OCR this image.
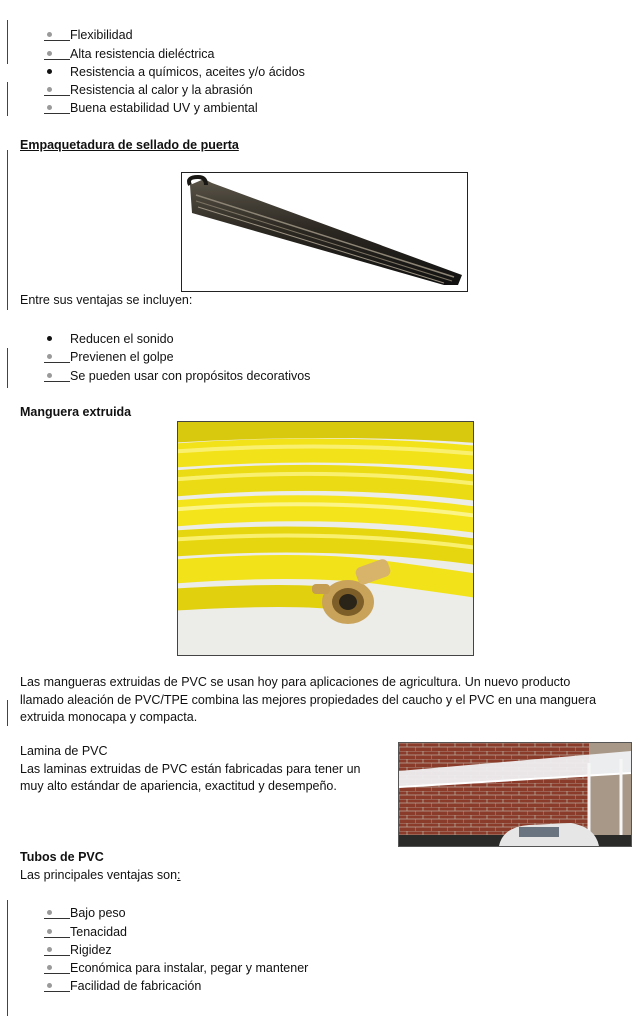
Flexibilidad
Alta resistencia dieléctrica
Resistencia a químicos, aceites y/o ácidos
Resistencia al calor y la abrasión
Buena estabilidad UV y ambiental
Empaquetadura de sellado de puerta
Entre sus ventajas se incluyen:
Reducen el sonido
Previenen el golpe
Se pueden usar con propósitos decorativos
Manguera extruida
Las mangueras extruidas de PVC se usan hoy para aplicaciones de agricultura. Un nuevo producto
llamado aleación de PVC/TPE combina las mejores propiedades del caucho y el PVC en una manguera
extruida monocapa y compacta.
Lamina de PVC
Las laminas extruidas de PVC están fabricadas para tener un
muy alto estándar de apariencia, exactitud y desempeño.
Tubos de PVC
Las principales ventajas son:
Bajo peso
Tenacidad
Rigidez
Económica para instalar, pegar y mantener
Facilidad de fabricación
